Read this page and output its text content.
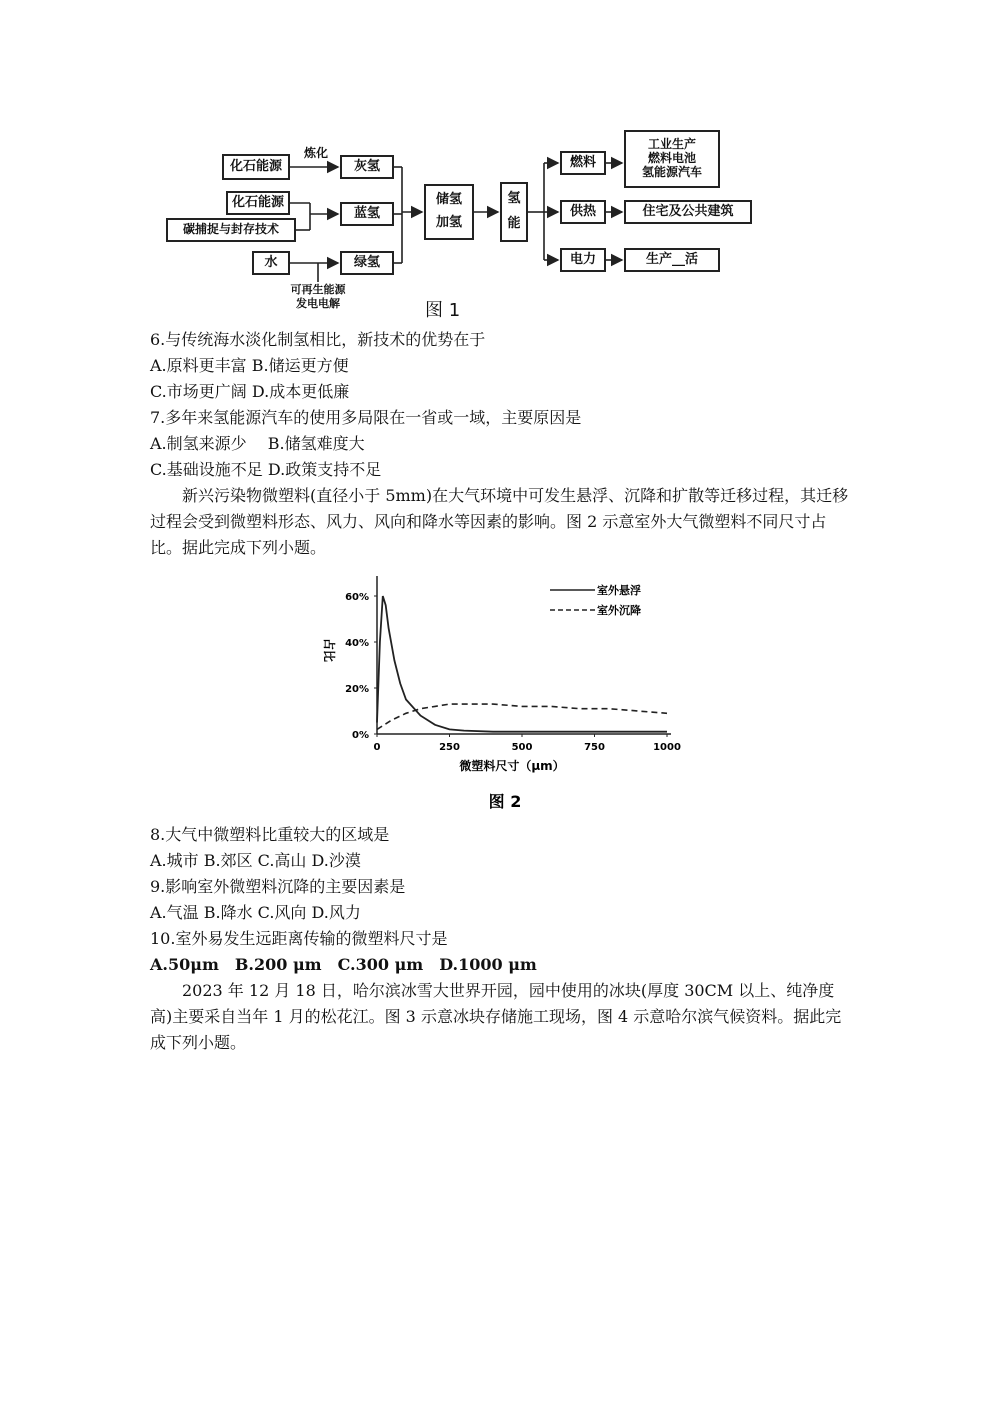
化石能源
炼化
灰氢
化石能源
碳捕捉与封存技术
蓝氢
水	绿氢
可再生能源
发电电解
储氢
加氢
氢
能
燃料
供热
电力
工业生产
燃料电池
氢能源汽车
住宅及公共建筑
生产__活
图 1

6.与传统海水淡化制氢相比，新技术的优势在于

A.原料更丰富 B.储运更方便

C.市场更广阔 D.成本更低廉

7.多年来氢能源汽车的使用多局限在一省或一域，主要原因是

A.制氢来源少　 B.储氢难度大

C.基础设施不足 D.政策支持不足

新兴污染物微塑料(直径小于 5mm)在大气环境中可发生悬浮、沉降和扩散等迁移过程，其迁移过程会受到微塑料形态、风力、风向和降水等因素的影响。图 2 示意室外大气微塑料不同尺寸占比。据此完成下列小题。

0%
20%
40%
60%
0	250	500	750	1000
微塑料尺寸（μm）
占比
图 2
室外悬浮
室外沉降

8.大气中微塑料比重较大的区域是

A.城市 B.郊区 C.高山 D.沙漠

9.影响室外微塑料沉降的主要因素是

A.气温 B.降水 C.风向 D.风力

10.室外易发生远距离传输的微塑料尺寸是

A.50μm　B.200 μm　C.300 μm　D.1000 μm

2023 年 12 月 18 日，哈尔滨冰雪大世界开园，园中使用的冰块(厚度 30CM 以上、纯净度高)主要采自当年 1 月的松花江。图 3 示意冰块存储施工现场，图 4 示意哈尔滨气候资料。据此完成下列小题。
